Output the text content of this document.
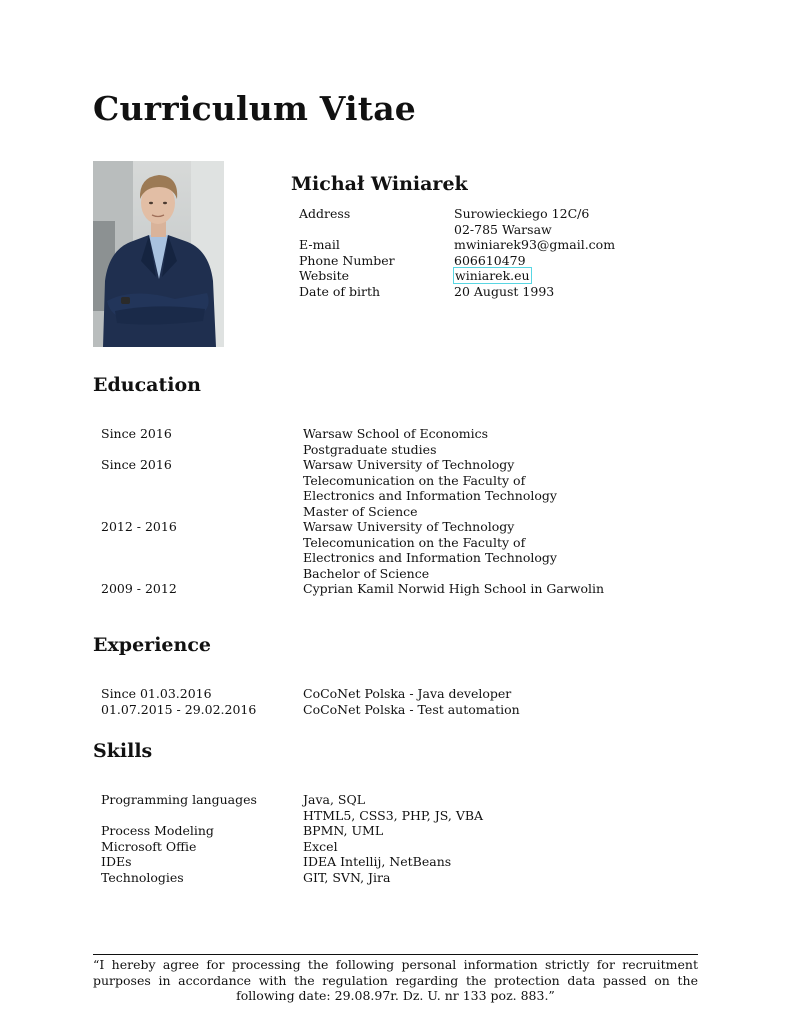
Curriculum Vitae
Michał Winiarek
Address	Surowieckiego 12C/6
02-785 Warsaw
E-mail	mwiniarek93@gmail.com
Phone Number	606610479
Website	winiarek.eu
Date of birth	20 August 1993
Education
Since 2016	Warsaw School of Economics
Postgraduate studies
Since 2016	Warsaw University of Technology
Telecomunication on the Faculty of
Electronics and Information Technology
Master of Science
2012 - 2016	Warsaw University of Technology
Telecomunication on the Faculty of
Electronics and Information Technology
Bachelor of Science
2009 - 2012	Cyprian Kamil Norwid High School in Garwolin
Experience
Since 01.03.2016	CoCoNet Polska - Java developer
01.07.2015 - 29.02.2016	CoCoNet Polska - Test automation
Skills
Programming languages	Java, SQL
HTML5, CSS3, PHP, JS, VBA
Process Modeling	BPMN, UML
Microsoft Offie	Excel
IDEs	IDEA Intellij, NetBeans
Technologies	GIT, SVN, Jira
“I hereby agree for processing the following personal information strictly for recruitment purposes in accordance with the regulation regarding the protection data passed on the following date: 29.08.97r. Dz. U. nr 133 poz. 883.”
